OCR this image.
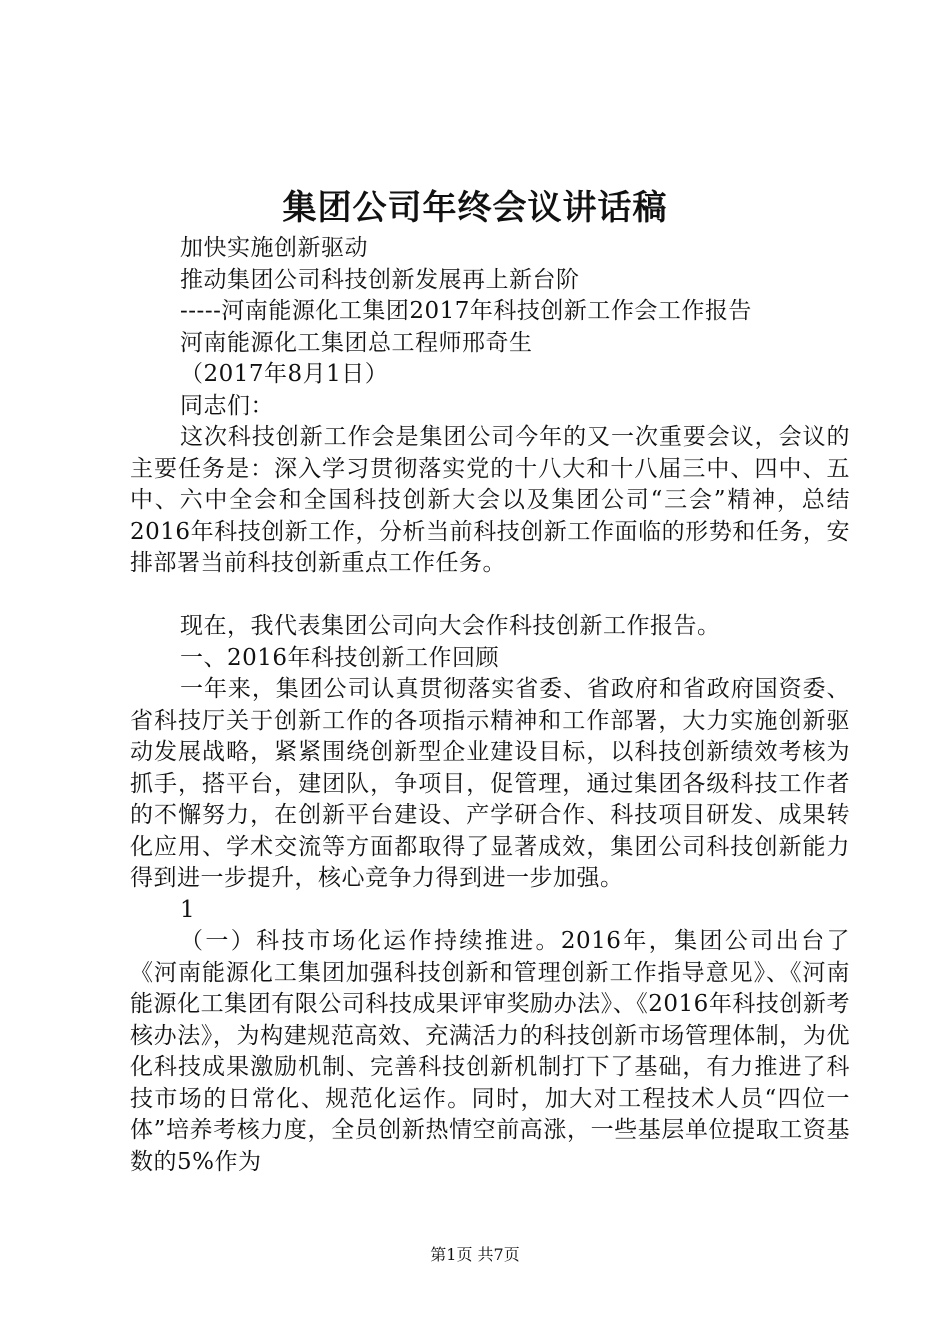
集团公司年终会议讲话稿

加快实施创新驱动

推动集团公司科技创新发展再上新台阶

-----河南能源化工集团2017年科技创新工作会工作报告

河南能源化工集团总工程师邢奇生

（2017年8月1日）

同志们：

这次科技创新工作会是集团公司今年的又一次重要会议，会议的主要任务是：深入学习贯彻落实党的十八大和十八届三中、四中、五中、六中全会和全国科技创新大会以及集团公司“三会”精神，总结2016年科技创新工作，分析当前科技创新工作面临的形势和任务，安排部署当前科技创新重点工作任务。

现在，我代表集团公司向大会作科技创新工作报告。

一、2016年科技创新工作回顾

一年来，集团公司认真贯彻落实省委、省政府和省政府国资委、省科技厅关于创新工作的各项指示精神和工作部署，大力实施创新驱动发展战略，紧紧围绕创新型企业建设目标，以科技创新绩效考核为抓手，搭平台，建团队，争项目，促管理，通过集团各级科技工作者的不懈努力，在创新平台建设、产学研合作、科技项目研发、成果转化应用、学术交流等方面都取得了显著成效，集团公司科技创新能力得到进一步提升，核心竞争力得到进一步加强。

1

（一）科技市场化运作持续推进。2016年，集团公司出台了《河南能源化工集团加强科技创新和管理创新工作指导意见》、《河南能源化工集团有限公司科技成果评审奖励办法》、《2016年科技创新考核办法》，为构建规范高效、充满活力的科技创新市场管理体制，为优化科技成果激励机制、完善科技创新机制打下了基础，有力推进了科技市场的日常化、规范化运作。同时，加大对工程技术人员“四位一体”培养考核力度，全员创新热情空前高涨，一些基层单位提取工资基数的5%作为

第1页 共7页
